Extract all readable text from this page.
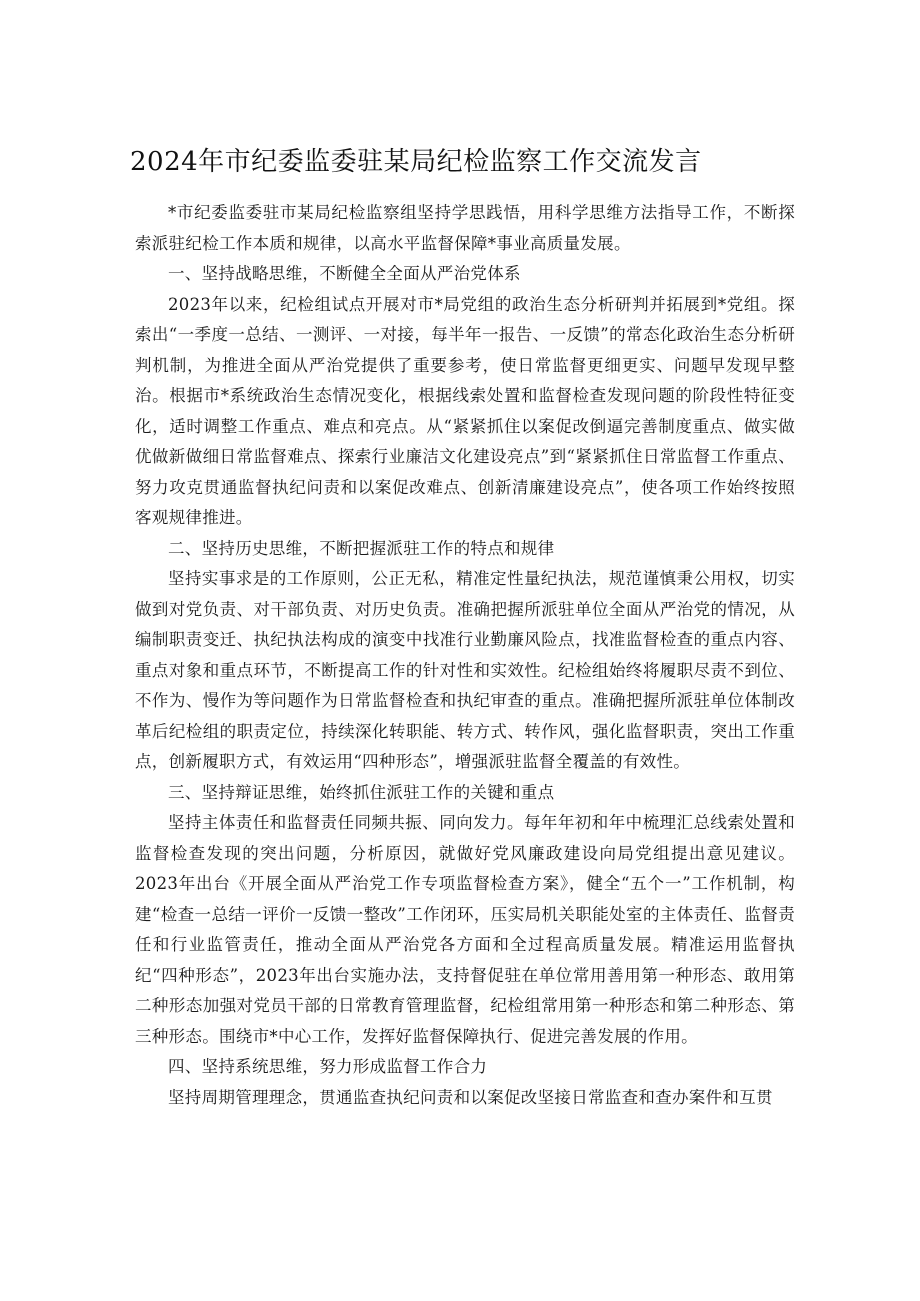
2024年市纪委监委驻某局纪检监察工作交流发言

*市纪委监委驻市某局纪检监察组坚持学思践悟，用科学思维方法指导工作，不断探索派驻纪检工作本质和规律，以高水平监督保障*事业高质量发展。

一、坚持战略思维，不断健全全面从严治党体系

2023年以来，纪检组试点开展对市*局党组的政治生态分析研判并拓展到*党组。探索出“一季度一总结、一测评、一对接，每半年一报告、一反馈”的常态化政治生态分析研判机制，为推进全面从严治党提供了重要参考，使日常监督更细更实、问题早发现早整治。根据市*系统政治生态情况变化，根据线索处置和监督检查发现问题的阶段性特征变化，适时调整工作重点、难点和亮点。从“紧紧抓住以案促改倒逼完善制度重点、做实做优做新做细日常监督难点、探索行业廉洁文化建设亮点”到“紧紧抓住日常监督工作重点、努力攻克贯通监督执纪问责和以案促改难点、创新清廉建设亮点”，使各项工作始终按照客观规律推进。

二、坚持历史思维，不断把握派驻工作的特点和规律

坚持实事求是的工作原则，公正无私，精准定性量纪执法，规范谨慎秉公用权，切实做到对党负责、对干部负责、对历史负责。准确把握所派驻单位全面从严治党的情况，从编制职责变迁、执纪执法构成的演变中找准行业勤廉风险点，找准监督检查的重点内容、重点对象和重点环节，不断提高工作的针对性和实效性。纪检组始终将履职尽责不到位、不作为、慢作为等问题作为日常监督检查和执纪审查的重点。准确把握所派驻单位体制改革后纪检组的职责定位，持续深化转职能、转方式、转作风，强化监督职责，突出工作重点，创新履职方式，有效运用“四种形态”，增强派驻监督全覆盖的有效性。

三、坚持辩证思维，始终抓住派驻工作的关键和重点

坚持主体责任和监督责任同频共振、同向发力。每年年初和年中梳理汇总线索处置和监督检查发现的突出问题，分析原因，就做好党风廉政建设向局党组提出意见建议。2023年出台《开展全面从严治党工作专项监督检查方案》，健全“五个一”工作机制，构建“检查一总结一评价一反馈一整改”工作闭环，压实局机关职能处室的主体责任、监督责任和行业监管责任，推动全面从严治党各方面和全过程高质量发展。精准运用监督执纪“四种形态”，2023年出台实施办法，支持督促驻在单位常用善用第一种形态、敢用第二种形态加强对党员干部的日常教育管理监督，纪检组常用第一种形态和第二种形态、第三种形态。围绕市*中心工作，发挥好监督保障执行、促进完善发展的作用。

四、坚持系统思维，努力形成监督工作合力

坚持周期管理理念，贯通监查执纪问责和以案促改坚接日常监查和查办案件和互贯
